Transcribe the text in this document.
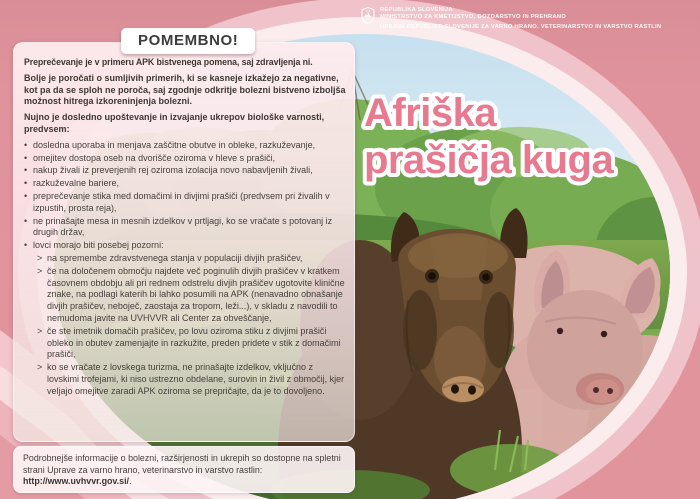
REPUBLIKA SLOVENIJA
MINISTRSTVO ZA KMETIJSTVO, GOZDARSTVO IN PREHRANO
UPRAVA REPUBLIKE SLOVENIJE ZA VARNO HRANO, VETERINARSTVO IN VARSTVO RASTLIN
POMEMBNO!
Afriška
prašičja kuga

Preprečevanje je v primeru APK bistvenega pomena, saj zdravljenja ni.

Bolje je poročati o sumljivih primerih, ki se kasneje izkažejo za negativne, kot pa da se sploh ne poroča, saj zgodnje odkritje bolezni bistveno izboljša možnost hitrega izkoreninjenja bolezni.

Nujno je dosledno upoštevanje in izvajanje ukrepov biološke varnosti, predvsem:

• dosledna uporaba in menjava zaščitne obutve in obleke, razkuževanje,
• omejitev dostopa oseb na dvorišče oziroma v hleve s prašiči,
• nakup živali iz preverjenih rej oziroma izolacija novo nabavljenih živali,
• razkuževalne bariere,
• preprečevanje stika med domačimi in divjimi prašiči (predvsem pri živalih v izpustih, prosta reja),
• ne prinašajte mesa in mesnih izdelkov v prtljagi, ko se vračate s potovanj iz drugih držav,
• lovci morajo biti posebej pozorni:
> na spremembe zdravstvenega stanja v populaciji divjih prašičev,
> če na določenem območju najdete več poginulih divjih prašičev v kratkem časovnem obdobju ali pri rednem odstrelu divjih prašičev ugotovite klinične znake, na podlagi katerih bi lahko posumili na APK (nenavadno obnašanje divjih prašičev, neboječ, zaostaja za tropom, leži...), v skladu z navodili to nemudoma javite na UVHVVR ali Center za obveščanje,
> če ste imetnik domačih prašičev, po lovu oziroma stiku z divjimi prašiči obleko in obutev zamenjajte in razkužite, preden pridete v stik z domačimi prašiči,
> ko se vračate z lovskega turizma, ne prinašajte izdelkov, vključno z lovskimi trofejami, ki niso ustrezno obdelane, surovin in živil z območij, kjer veljajo omejitve zaradi APK oziroma se prepričajte, da je to dovoljeno.
Podrobnejše informacije o bolezni, razširjenosti in ukrepih so dostopne na spletni strani Uprave za varno hrano, veterinarstvo in varstvo rastlin: http://www.uvhvvr.gov.si/.
